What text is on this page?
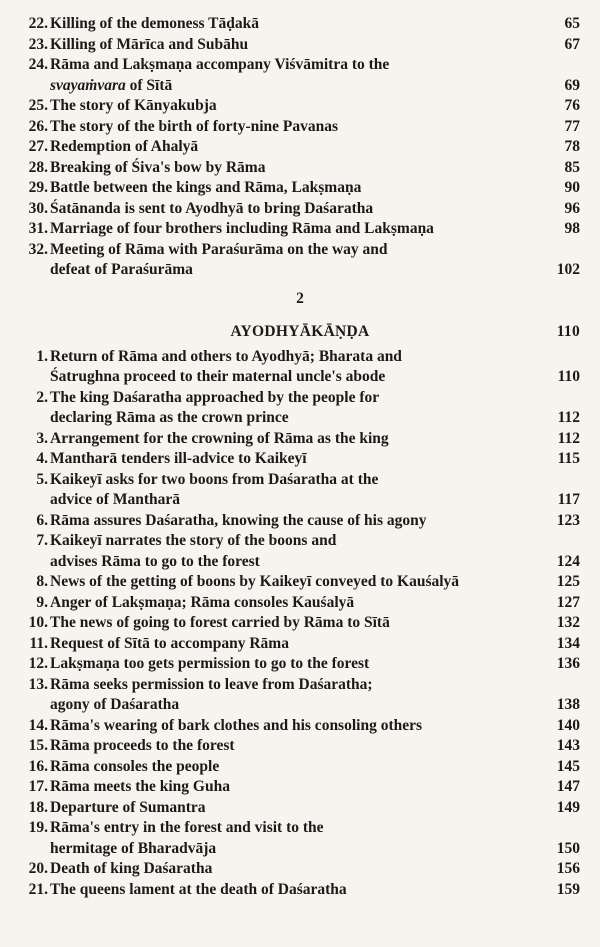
22. Killing of the demoness Tāḍakā	65
23. Killing of Mārīca and Subāhu	67
24. Rāma and Lakṣmaṇa accompany Viśvāmitra to the
svayaṁvara of Sītā	69
25. The story of Kānyakubja	76
26. The story of the birth of forty-nine Pavanas	77
27. Redemption of Ahalyā	78
28. Breaking of Śiva's bow by Rāma	85
29. Battle between the kings and Rāma, Lakṣmaṇa	90
30. Śatānanda is sent to Ayodhyā to bring Daśaratha	96
31. Marriage of four brothers including Rāma and Lakṣmaṇa	98
32. Meeting of Rāma with Paraśurāma on the way and
defeat of Paraśurāma	102
2
AYODHYĀKĀṆḌA	110
1. Return of Rāma and others to Ayodhyā; Bharata and
Śatrughna proceed to their maternal uncle's abode	110
2. The king Daśaratha approached by the people for
declaring Rāma as the crown prince	112
3. Arrangement for the crowning of Rāma as the king	112
4. Mantharā tenders ill-advice to Kaikeyī	115
5. Kaikeyī asks for two boons from Daśaratha at the
advice of Mantharā	117
6. Rāma assures Daśaratha, knowing the cause of his agony	123
7. Kaikeyī narrates the story of the boons and
advises Rāma to go to the forest	124
8. News of the getting of boons by Kaikeyī conveyed to Kauśalyā	125
9. Anger of Lakṣmaṇa; Rāma consoles Kauśalyā	127
10. The news of going to forest carried by Rāma to Sītā	132
11. Request of Sītā to accompany Rāma	134
12. Lakṣmaṇa too gets permission to go to the forest	136
13. Rāma seeks permission to leave from Daśaratha;
agony of Daśaratha	138
14. Rāma's wearing of bark clothes and his consoling others	140
15. Rāma proceeds to the forest	143
16. Rāma consoles the people	145
17. Rāma meets the king Guha	147
18. Departure of Sumantra	149
19. Rāma's entry in the forest and visit to the
hermitage of Bharadvāja	150
20. Death of king Daśaratha	156
21. The queens lament at the death of Daśaratha	159
